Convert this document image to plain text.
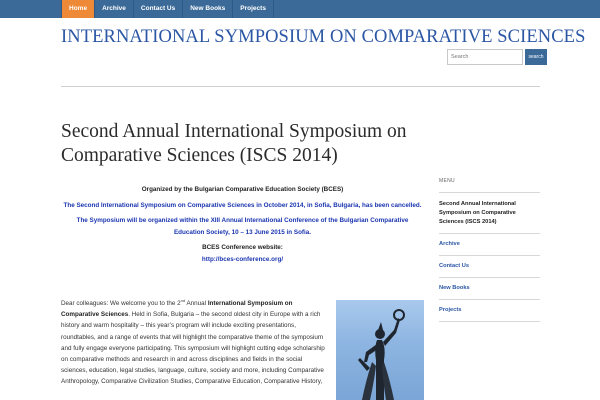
Home	Archive	Contact Us	New Books	Projects
INTERNATIONAL SYMPOSIUM ON COMPARATIVE SCIENCES
Search
search
Second Annual International Symposium on Comparative Sciences (ISCS 2014)
Organized by the Bulgarian Comparative Education Society (BCES)
The Second International Symposium on Comparative Sciences in October 2014, in Sofia, Bulgaria, has been cancelled.
The Symposium will be organized within the XIII Annual International Conference of the Bulgarian Comparative Education Society, 10 – 13 June 2015 in Sofia.
BCES Conference website:
http://bces-conference.org/
Dear colleagues: We welcome you to the 2nd Annual International Symposium on Comparative Sciences. Held in Sofia, Bulgaria – the second oldest city in Europe with a rich history and warm hospitality – this year’s program will include exciting presentations, roundtables, and a range of events that will highlight the comparative theme of the symposium and fully engage everyone participating. This symposium will highlight cutting edge scholarship on comparative methods and research in and across disciplines and fields in the social sciences, education, legal studies, language, culture, society and more, including Comparative Anthropology, Comparative Civilization Studies, Comparative Education, Comparative History,
MENU
Second Annual International Symposium on Comparative Sciences (ISCS 2014)
Archive
Contact Us
New Books
Projects
